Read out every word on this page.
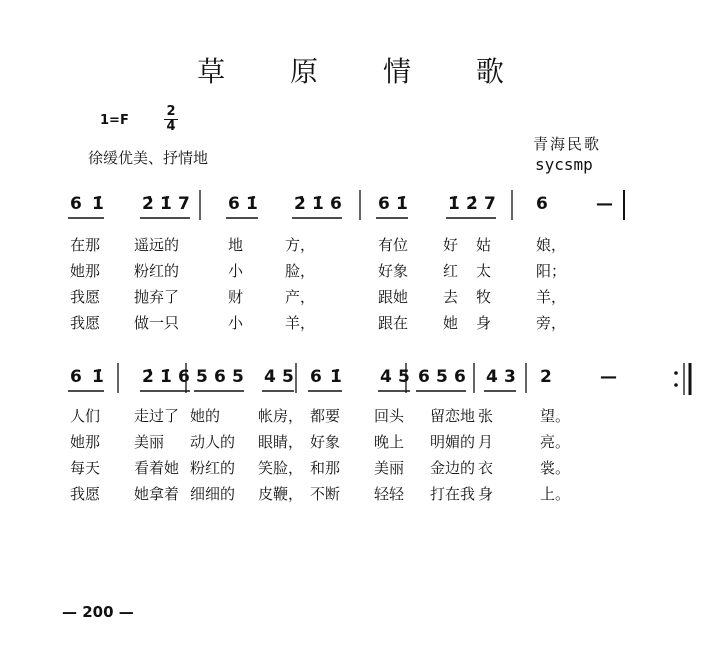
草 原 情 歌
1=F
2
4
徐缓优美、抒情地
青海民歌
sycsmp
6 1̇ 2̇ 1̇ 7 6 1̇ 2̇ 1̇ 6 6 1̇ 1̇ 2̇ 7 6	—
在那 遥远的	地	方，	有位 好 姑	娘，
她那 粉红的	小	脸，	好象 红 太	阳；
我愿 抛弃了	财	产，	跟她 去 牧	羊，
我愿 做一只	小	羊，	跟在 她 身	旁，
6 1̇ 2̇ 1̇ 6 5 6 5 4 5 6 1̇ 4 5 6 5 6 4 3 2	—
人们 走过了 她的	帐房， 都要 回头 留恋地 张	望。
她那 美丽 动人的 眼睛， 好象 晚上 明媚的 月	亮。
每天 看着她 粉红的 笑脸， 和那 美丽 金边的 衣	裳。
我愿 她拿着 细细的 皮鞭， 不断 轻轻 打在我 身	上。
— 200 —
